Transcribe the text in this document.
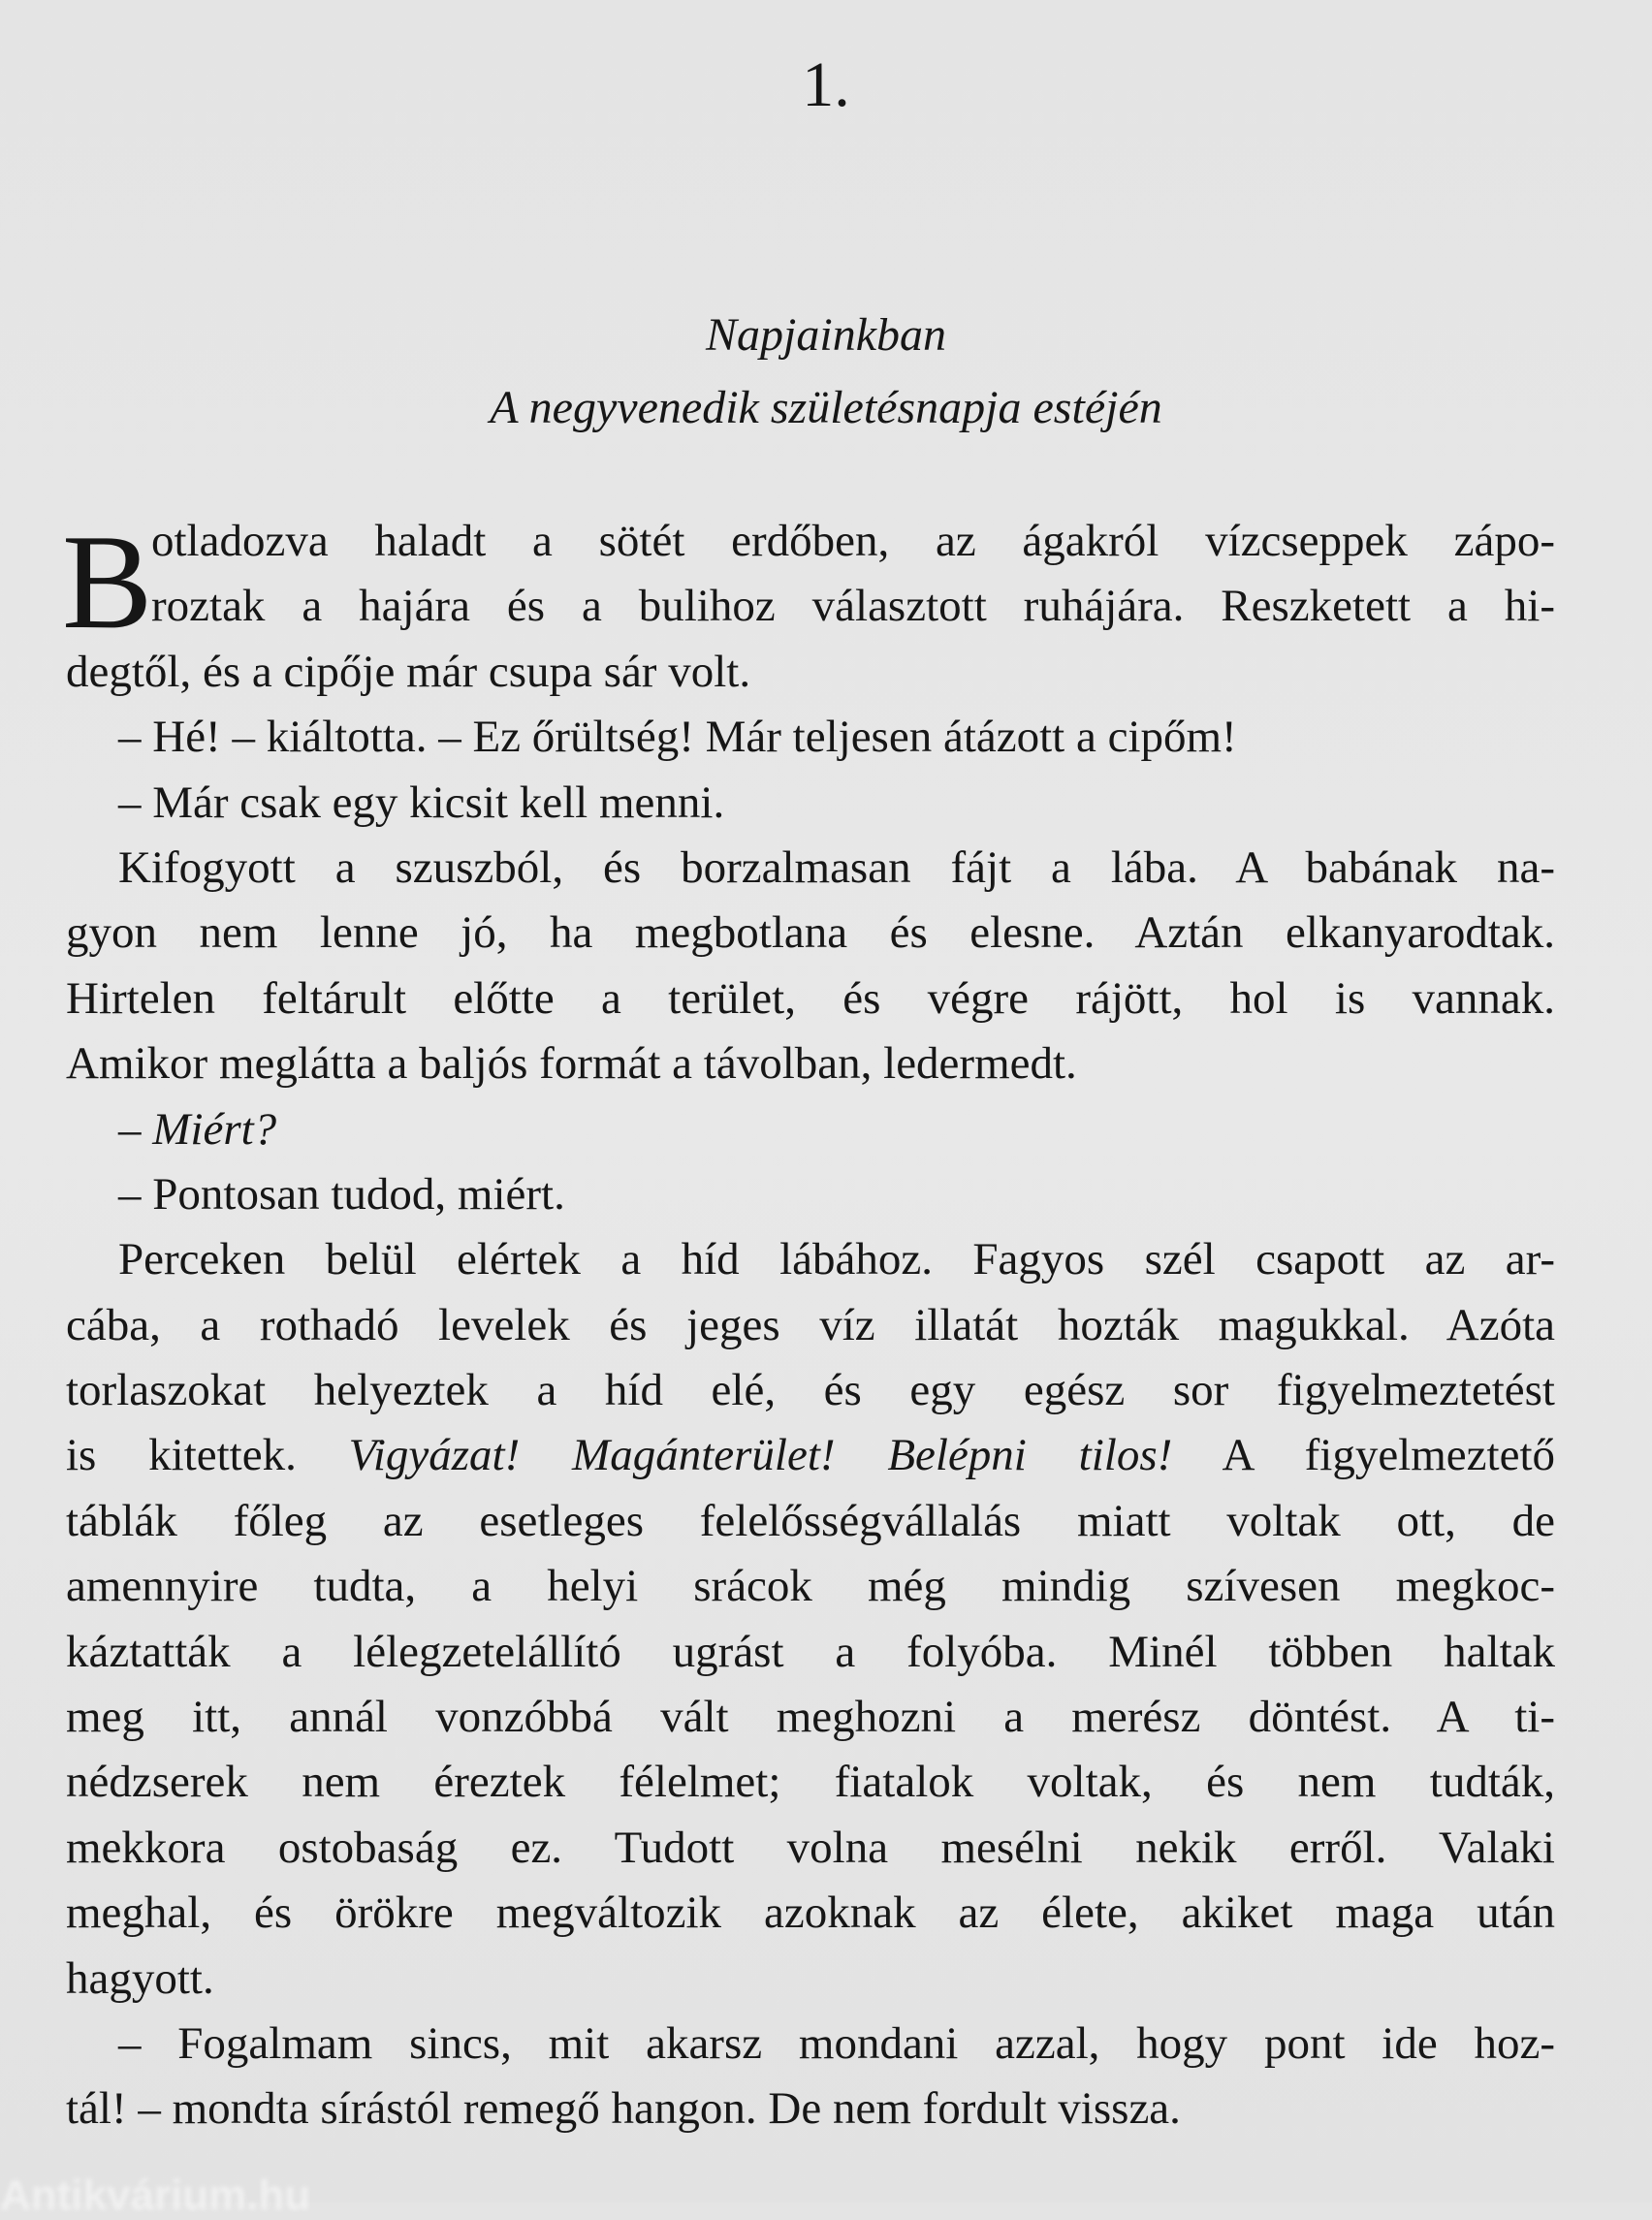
1.
Napjainkban
A negyvenedik születésnapja estéjén
B
otladozva haladt a sötét erdőben, az ágakról vízcseppek zápo-
roztak a hajára és a bulihoz választott ruhájára. Reszketett a hi-
degtől, és a cipője már csupa sár volt.
– Hé! – kiáltotta. – Ez őrültség! Már teljesen átázott a cipőm!
– Már csak egy kicsit kell menni.
Kifogyott a szuszból, és borzalmasan fájt a lába. A babának na-
gyon nem lenne jó, ha megbotlana és elesne. Aztán elkanyarodtak.
Hirtelen feltárult előtte a terület, és végre rájött, hol is vannak.
Amikor meglátta a baljós formát a távolban, ledermedt.
– Miért?
– Pontosan tudod, miért.
Perceken belül elértek a híd lábához. Fagyos szél csapott az ar-
cába, a rothadó levelek és jeges víz illatát hozták magukkal. Azóta
torlaszokat helyeztek a híd elé, és egy egész sor figyelmeztetést
is kitettek. Vigyázat! Magánterület! Belépni tilos! A figyelmeztető
táblák főleg az esetleges felelősségvállalás miatt voltak ott, de
amennyire tudta, a helyi srácok még mindig szívesen megkoc-
káztatták a lélegzetelállító ugrást a folyóba. Minél többen haltak
meg itt, annál vonzóbbá vált meghozni a merész döntést. A ti-
nédzserek nem éreztek félelmet; fiatalok voltak, és nem tudták,
mekkora ostobaság ez. Tudott volna mesélni nekik erről. Valaki
meghal, és örökre megváltozik azoknak az élete, akiket maga után
hagyott.
– Fogalmam sincs, mit akarsz mondani azzal, hogy pont ide hoz-
tál! – mondta sírástól remegő hangon. De nem fordult vissza.
Antikvárium.hu
